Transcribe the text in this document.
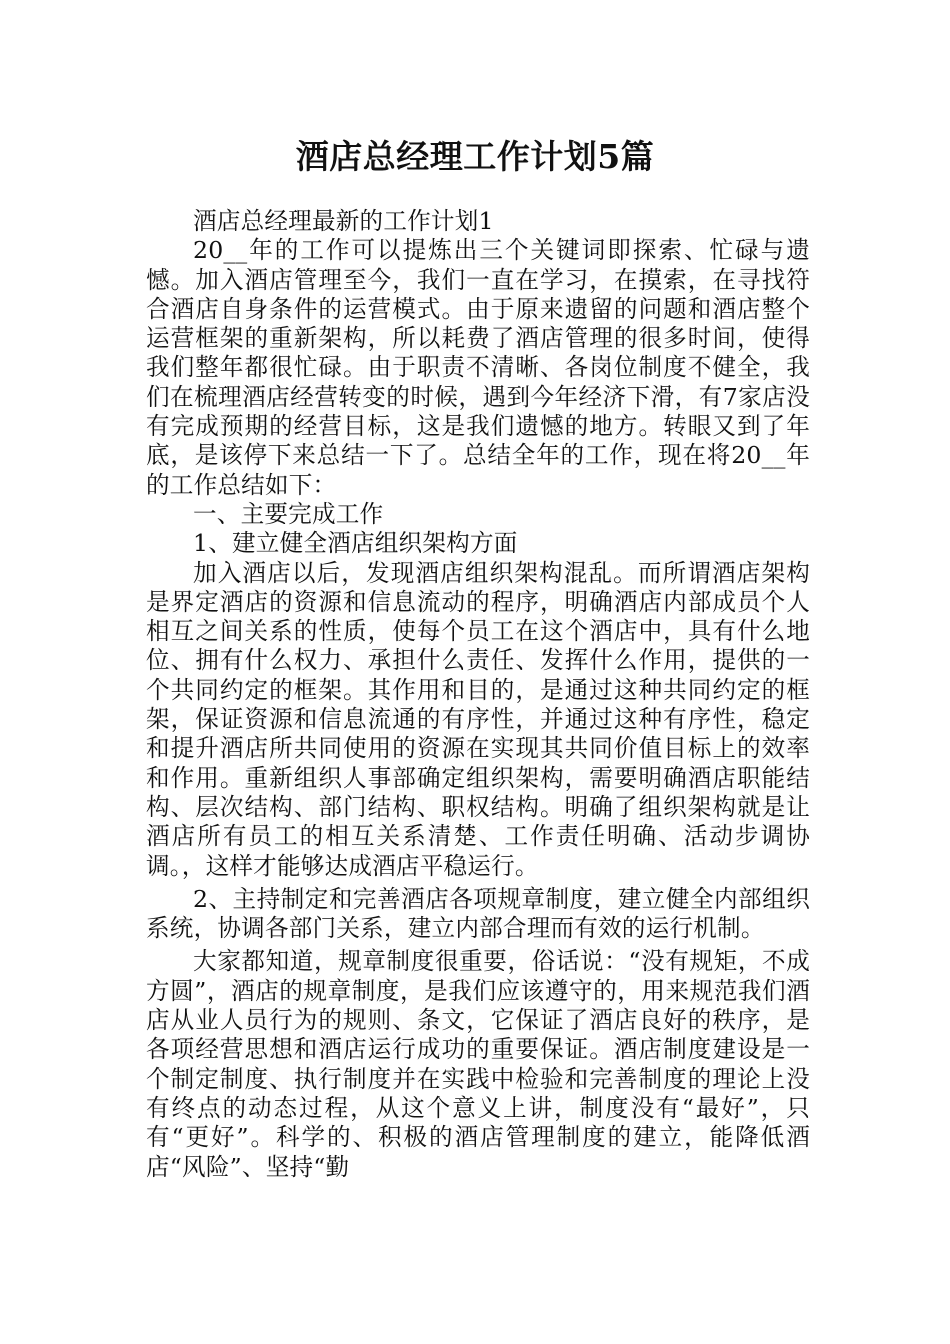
酒店总经理工作计划5篇

酒店总经理最新的工作计划1

20__年的工作可以提炼出三个关键词即探索、忙碌与遗憾。加入酒店管理至今，我们一直在学习，在摸索，在寻找符合酒店自身条件的运营模式。由于原来遗留的问题和酒店整个运营框架的重新架构，所以耗费了酒店管理的很多时间，使得我们整年都很忙碌。由于职责不清晰、各岗位制度不健全，我们在梳理酒店经营转变的时候，遇到今年经济下滑，有7家店没有完成预期的经营目标，这是我们遗憾的地方。转眼又到了年底，是该停下来总结一下了。总结全年的工作，现在将20__年的工作总结如下：

一、主要完成工作

1、建立健全酒店组织架构方面

加入酒店以后，发现酒店组织架构混乱。而所谓酒店架构是界定酒店的资源和信息流动的程序，明确酒店内部成员个人相互之间关系的性质，使每个员工在这个酒店中，具有什么地位、拥有什么权力、承担什么责任、发挥什么作用，提供的一个共同约定的框架。其作用和目的，是通过这种共同约定的框架，保证资源和信息流通的有序性，并通过这种有序性，稳定和提升酒店所共同使用的资源在实现其共同价值目标上的效率和作用。重新组织人事部确定组织架构，需要明确酒店职能结构、层次结构、部门结构、职权结构。明确了组织架构就是让酒店所有员工的相互关系清楚、工作责任明确、活动步调协调。，这样才能够达成酒店平稳运行。

2、主持制定和完善酒店各项规章制度，建立健全内部组织系统，协调各部门关系，建立内部合理而有效的运行机制。

大家都知道，规章制度很重要，俗话说：“没有规矩，不成方圆”，酒店的规章制度，是我们应该遵守的，用来规范我们酒店从业人员行为的规则、条文，它保证了酒店良好的秩序，是各项经营思想和酒店运行成功的重要保证。酒店制度建设是一个制定制度、执行制度并在实践中检验和完善制度的理论上没有终点的动态过程，从这个意义上讲，制度没有“最好”，只有“更好”。科学的、积极的酒店管理制度的建立，能降低酒店“风险”、坚持“勤
